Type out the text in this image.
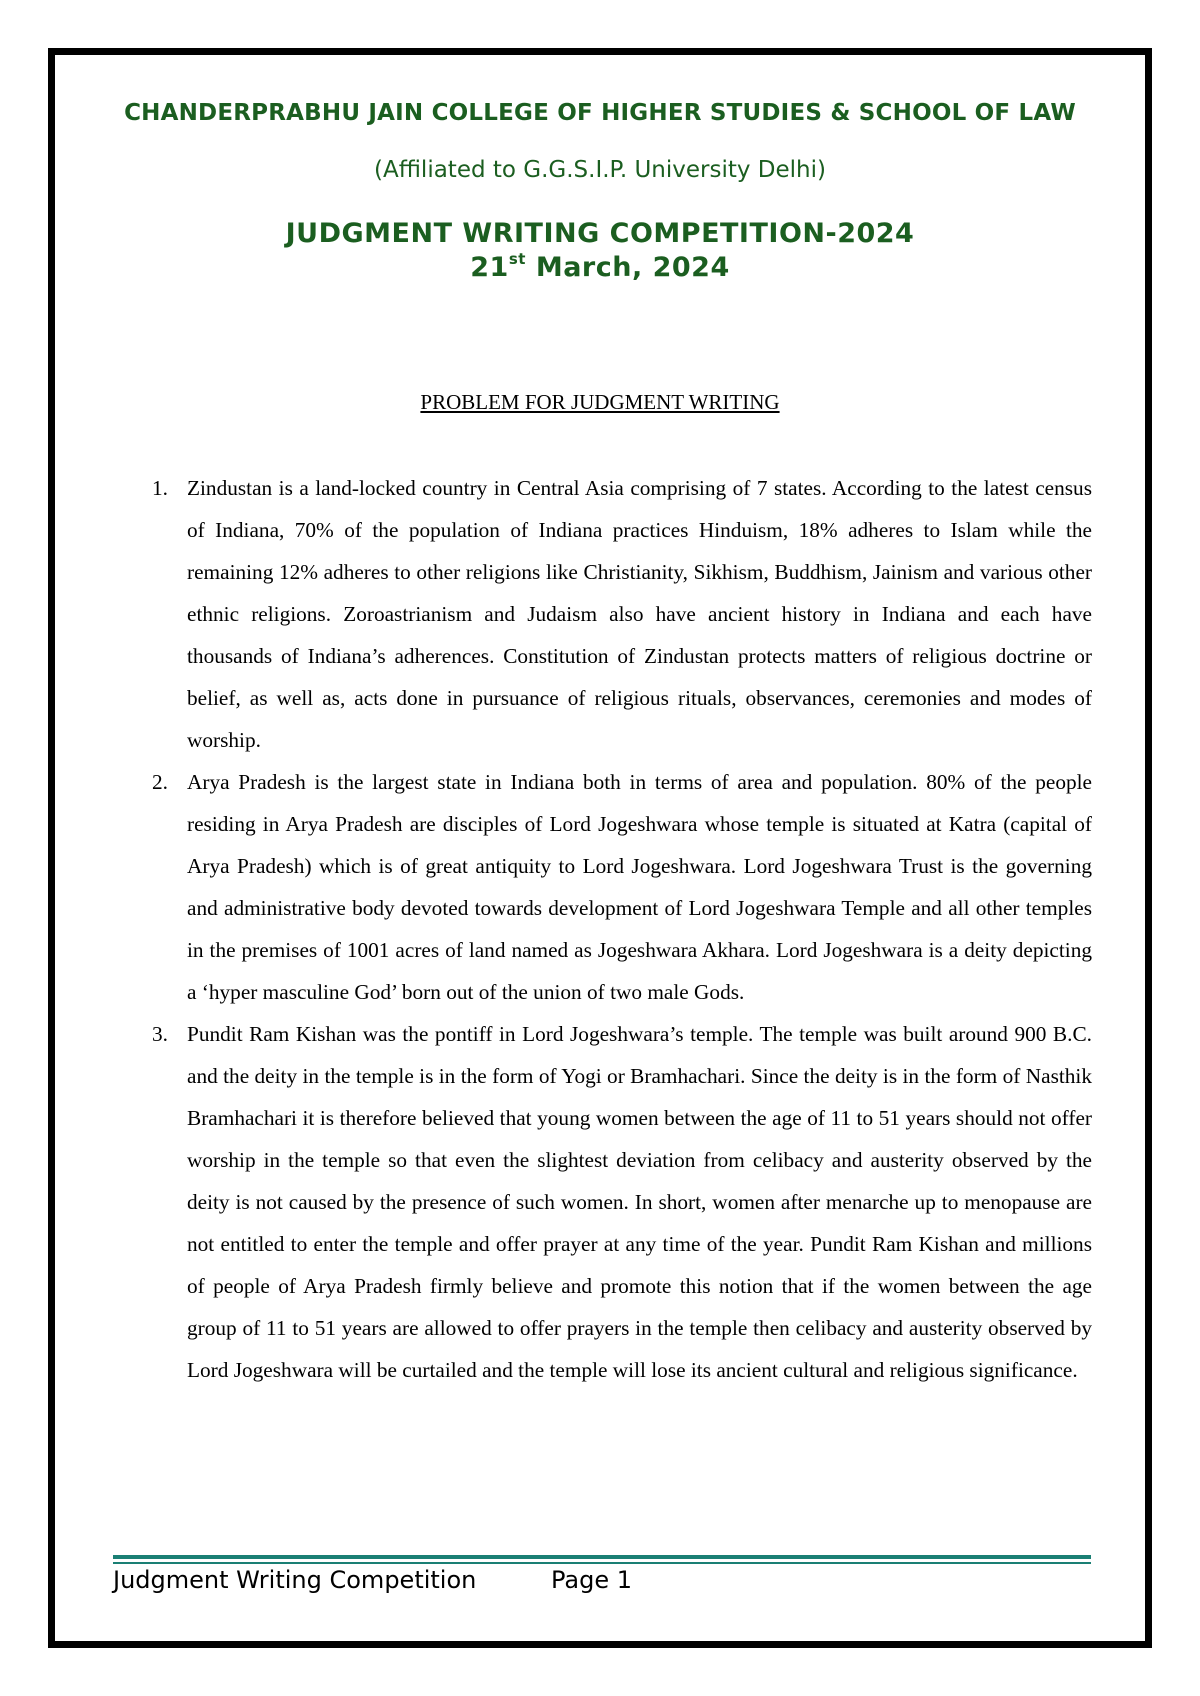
CHANDERPRABHU JAIN COLLEGE OF HIGHER STUDIES & SCHOOL OF LAW
(Affiliated to G.G.S.I.P. University Delhi)
JUDGMENT WRITING COMPETITION-2024
21st March, 2024
PROBLEM FOR JUDGMENT WRITING
1. Zindustan is a land-locked country in Central Asia comprising of 7 states. According to the latest census of Indiana, 70% of the population of Indiana practices Hinduism, 18% adheres to Islam while the remaining 12% adheres to other religions like Christianity, Sikhism, Buddhism, Jainism and various other ethnic religions. Zoroastrianism and Judaism also have ancient history in Indiana and each have thousands of Indiana’s adherences. Constitution of Zindustan protects matters of religious doctrine or belief, as well as, acts done in pursuance of religious rituals, observances, ceremonies and modes of worship.
2. Arya Pradesh is the largest state in Indiana both in terms of area and population. 80% of the people residing in Arya Pradesh are disciples of Lord Jogeshwara whose temple is situated at Katra (capital of Arya Pradesh) which is of great antiquity to Lord Jogeshwara. Lord Jogeshwara Trust is the governing and administrative body devoted towards development of Lord Jogeshwara Temple and all other temples in the premises of 1001 acres of land named as Jogeshwara Akhara. Lord Jogeshwara is a deity depicting a ‘hyper masculine God’ born out of the union of two male Gods.
3. Pundit Ram Kishan was the pontiff in Lord Jogeshwara’s temple. The temple was built around 900 B.C. and the deity in the temple is in the form of Yogi or Bramhachari. Since the deity is in the form of Nasthik Bramhachari it is therefore believed that young women between the age of 11 to 51 years should not offer worship in the temple so that even the slightest deviation from celibacy and austerity observed by the deity is not caused by the presence of such women. In short, women after menarche up to menopause are not entitled to enter the temple and offer prayer at any time of the year. Pundit Ram Kishan and millions of people of Arya Pradesh firmly believe and promote this notion that if the women between the age group of 11 to 51 years are allowed to offer prayers in the temple then celibacy and austerity observed by Lord Jogeshwara will be curtailed and the temple will lose its ancient cultural and religious significance.
Judgment Writing Competition	Page 1
